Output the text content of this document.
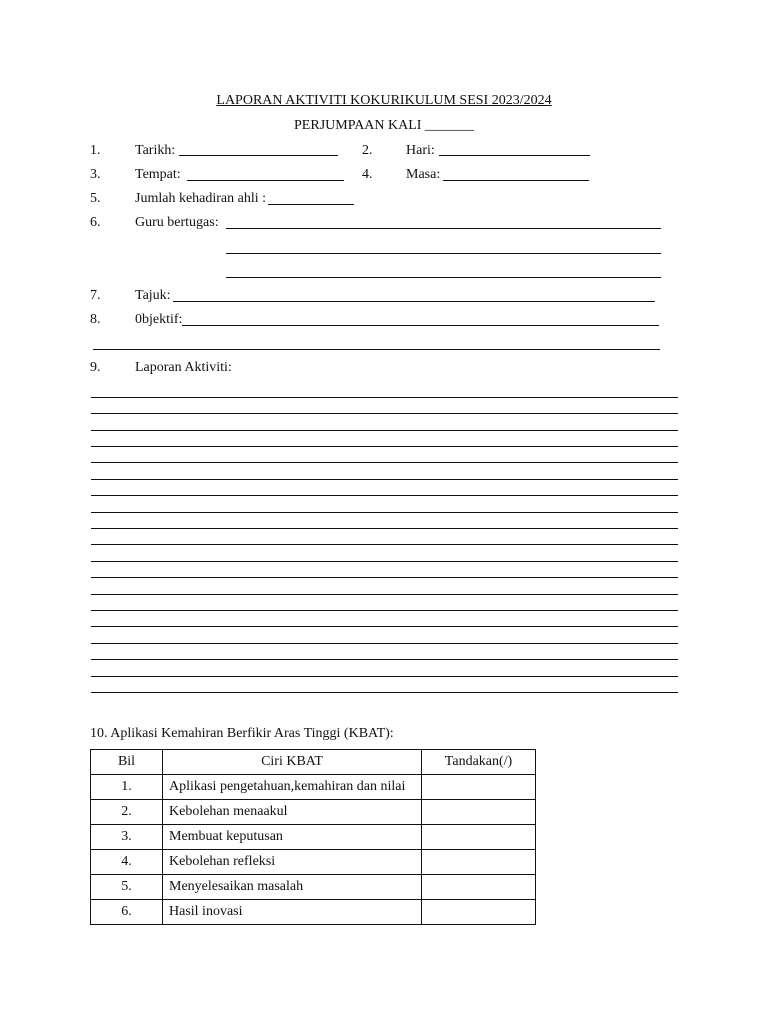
LAPORAN AKTIVITI KOKURIKULUM SESI 2023/2024
PERJUMPAAN KALI _______
1. Tarikh:	2. Hari:
3. Tempat:	4. Masa:
5. Jumlah kehadiran ahli :
6. Guru bertugas:
7. Tajuk:
8. 0bjektif:
9. Laporan Aktiviti:
10. Aplikasi Kemahiran Berfikir Aras Tinggi (KBAT):
Bil	Ciri KBAT	Tandakan(/)
1.	Aplikasi pengetahuan,kemahiran dan nilai	
2.	Kebolehan menaakul	
3.	Membuat keputusan	
4.	Kebolehan refleksi	
5.	Menyelesaikan masalah	
6.	Hasil inovasi	
